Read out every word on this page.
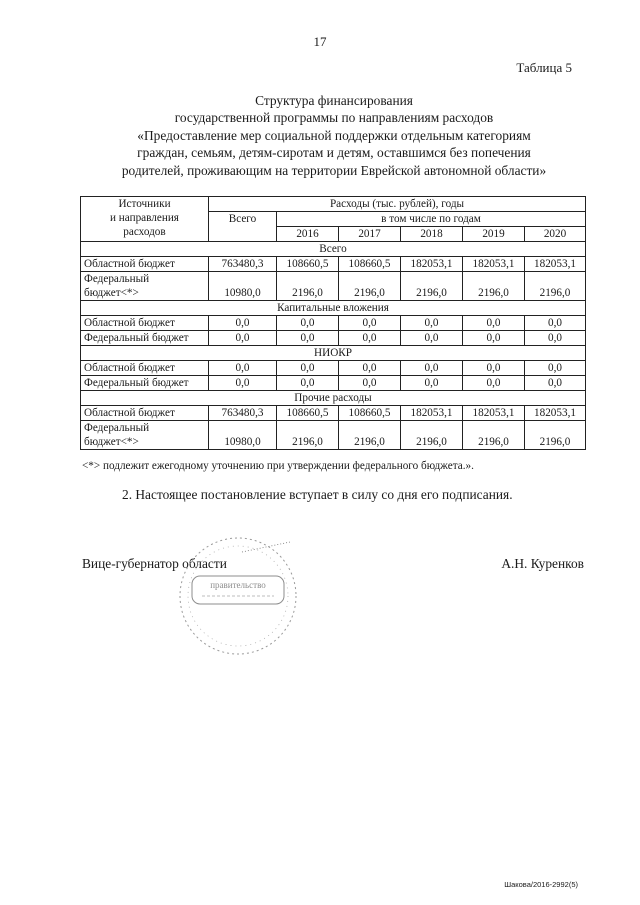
17
Таблица 5
Структура финансирования
государственной программы по направлениям расходов
«Предоставление мер социальной поддержки отдельным категориям
граждан, семьям, детям-сиротам и детям, оставшимся без попечения
родителей, проживающим на территории Еврейской автономной области»
Источники
и направления
расходов	Расходы (тыс. рублей), годы					
	Всего	в том числе по годам				
		2016	2017	2018	2019	2020
Всего						
Областной бюджет	763480,3	108660,5	108660,5	182053,1	182053,1	182053,1
Федеральный бюджет<*>	10980,0	2196,0	2196,0	2196,0	2196,0	2196,0
Капитальные вложения						
Областной бюджет	0,0	0,0	0,0	0,0	0,0	0,0
Федеральный бюджет	0,0	0,0	0,0	0,0	0,0	0,0
НИОКР						
Областной бюджет	0,0	0,0	0,0	0,0	0,0	0,0
Федеральный бюджет	0,0	0,0	0,0	0,0	0,0	0,0
Прочие расходы						
Областной бюджет	763480,3	108660,5	108660,5	182053,1	182053,1	182053,1
Федеральный бюджет<*>	10980,0	2196,0	2196,0	2196,0	2196,0	2196,0
<*> подлежит ежегодному уточнению при утверждении федерального бюджета.».
2. Настоящее постановление вступает в силу со дня его подписания.
Вице-губернатор области	А.Н. Куренков
правительство
Шакова/2016-2992(5)
